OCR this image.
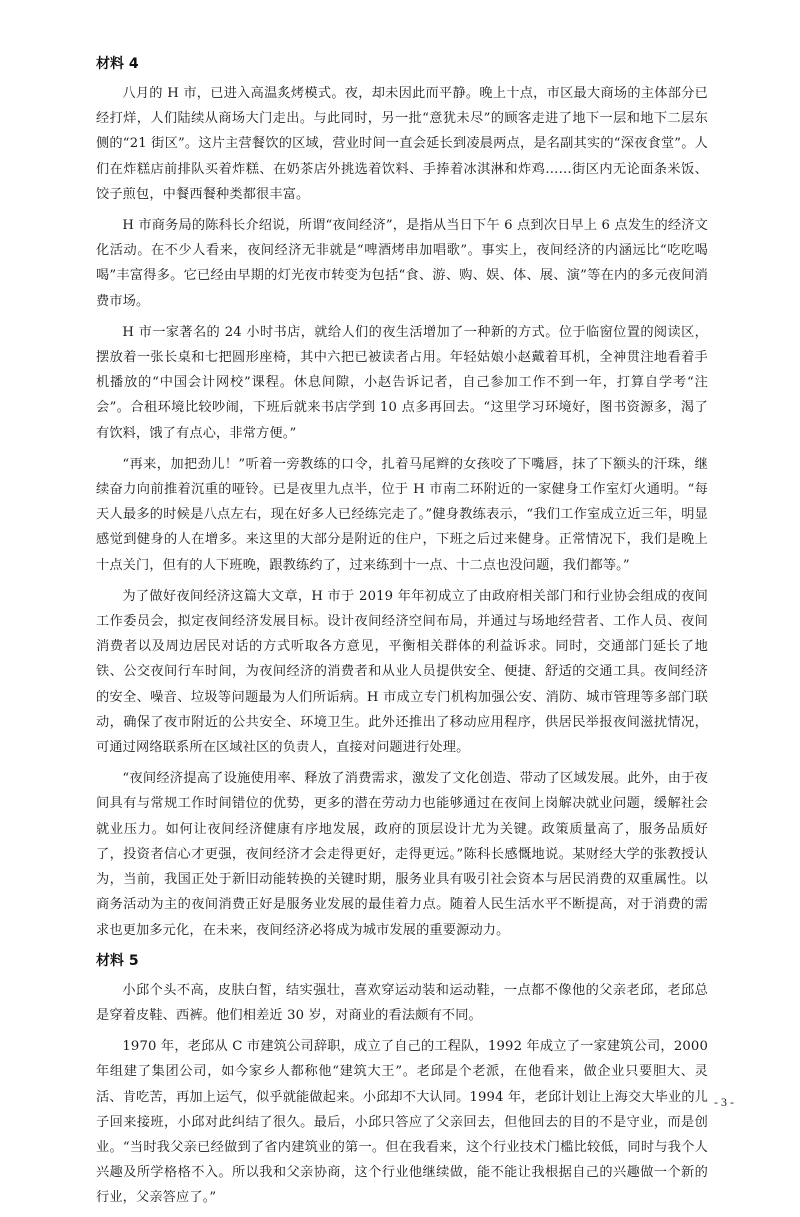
材料 4

八月的 H 市，已进入高温炙烤模式。夜，却未因此而平静。晚上十点，市区最大商场的主体部分已经打烊，人们陆续从商场大门走出。与此同时，另一批“意犹未尽”的顾客走进了地下一层和地下二层东侧的“21 街区”。这片主营餐饮的区域，营业时间一直会延长到凌晨两点，是名副其实的“深夜食堂”。人们在炸糕店前排队买着炸糕、在奶茶店外挑选着饮料、手捧着冰淇淋和炸鸡……街区内无论面条米饭、饺子煎包，中餐西餐种类都很丰富。

H 市商务局的陈科长介绍说，所谓“夜间经济”，是指从当日下午 6 点到次日早上 6 点发生的经济文化活动。在不少人看来，夜间经济无非就是“啤酒烤串加唱歌”。事实上，夜间经济的内涵远比“吃吃喝喝”丰富得多。它已经由早期的灯光夜市转变为包括“食、游、购、娱、体、展、演”等在内的多元夜间消费市场。

H 市一家著名的 24 小时书店，就给人们的夜生活增加了一种新的方式。位于临窗位置的阅读区，摆放着一张长桌和七把圆形座椅，其中六把已被读者占用。年轻姑娘小赵戴着耳机，全神贯注地看着手机播放的“中国会计网校”课程。休息间隙，小赵告诉记者，自己参加工作不到一年，打算自学考“注会”。合租环境比较吵闹，下班后就来书店学到 10 点多再回去。“这里学习环境好，图书资源多，渴了有饮料，饿了有点心，非常方便。”

“再来，加把劲儿！”听着一旁教练的口令，扎着马尾辫的女孩咬了下嘴唇，抹了下额头的汗珠，继续奋力向前推着沉重的哑铃。已是夜里九点半，位于 H 市南二环附近的一家健身工作室灯火通明。“每天人最多的时候是八点左右，现在好多人已经练完走了。”健身教练表示，“我们工作室成立近三年，明显感觉到健身的人在增多。来这里的大部分是附近的住户，下班之后过来健身。正常情况下，我们是晚上十点关门，但有的人下班晚，跟教练约了，过来练到十一点、十二点也没问题，我们都等。”

为了做好夜间经济这篇大文章，H 市于 2019 年年初成立了由政府相关部门和行业协会组成的夜间工作委员会，拟定夜间经济发展目标。设计夜间经济空间布局，并通过与场地经营者、工作人员、夜间消费者以及周边居民对话的方式听取各方意见，平衡相关群体的利益诉求。同时，交通部门延长了地铁、公交夜间行车时间，为夜间经济的消费者和从业人员提供安全、便捷、舒适的交通工具。夜间经济的安全、噪音、垃圾等问题最为人们所诟病。H 市成立专门机构加强公安、消防、城市管理等多部门联动，确保了夜市附近的公共安全、环境卫生。此外还推出了移动应用程序，供居民举报夜间滋扰情况，可通过网络联系所在区域社区的负责人，直接对问题进行处理。

“夜间经济提高了设施使用率、释放了消费需求，激发了文化创造、带动了区域发展。此外，由于夜间具有与常规工作时间错位的优势，更多的潜在劳动力也能够通过在夜间上岗解决就业问题，缓解社会就业压力。如何让夜间经济健康有序地发展，政府的顶层设计尤为关键。政策质量高了，服务品质好了，投资者信心才更强，夜间经济才会走得更好，走得更远。”陈科长感慨地说。某财经大学的张教授认为，当前，我国正处于新旧动能转换的关键时期，服务业具有吸引社会资本与居民消费的双重属性。以商务活动为主的夜间消费正好是服务业发展的最佳着力点。随着人民生活水平不断提高，对于消费的需求也更加多元化，在未来，夜间经济必将成为城市发展的重要源动力。

材料 5

小邱个头不高，皮肤白皙，结实强壮，喜欢穿运动装和运动鞋，一点都不像他的父亲老邱，老邱总是穿着皮鞋、西裤。他们相差近 30 岁，对商业的看法颇有不同。

1970 年，老邱从 C 市建筑公司辞职，成立了自己的工程队，1992 年成立了一家建筑公司，2000 年组建了集团公司，如今家乡人都称他“建筑大王”。老邱是个老派，在他看来，做企业只要胆大、灵活、肯吃苦，再加上运气，似乎就能做起来。小邱却不大认同。1994 年，老邱计划让上海交大毕业的儿子回来接班，小邱对此纠结了很久。最后，小邱只答应了父亲回去，但他回去的目的不是守业，而是创业。“当时我父亲已经做到了省内建筑业的第一。但在我看来，这个行业技术门槛比较低，同时与我个人兴趣及所学格格不入。所以我和父亲协商，这个行业他继续做，能不能让我根据自己的兴趣做一个新的行业，父亲答应了。”

- 3 -
